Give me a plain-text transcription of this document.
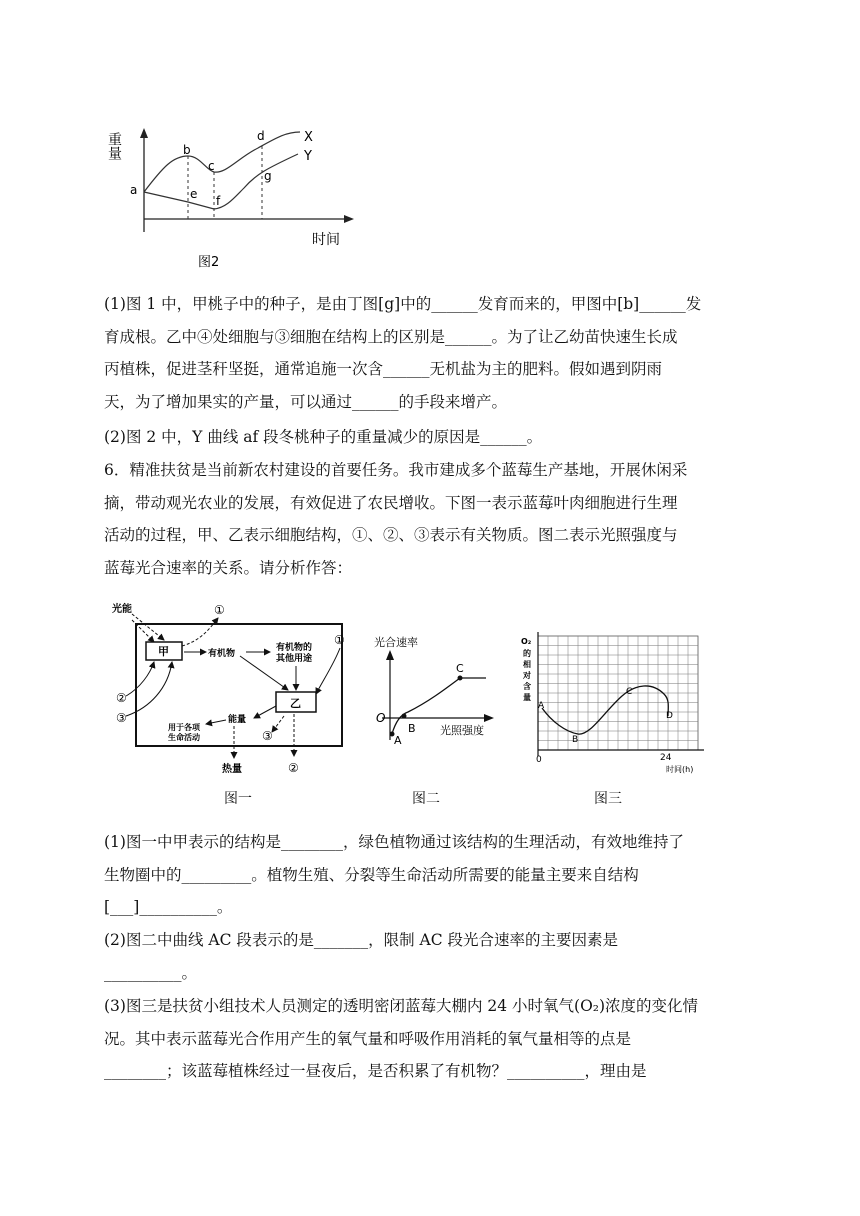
重量
时间
a
b
c
d
e f
g
X
Y
图2
(1)图 1 中，甲桃子中的种子，是由丁图[g]中的______发育而来的，甲图中[b]______发
育成根。乙中④处细胞与③细胞在结构上的区别是______。为了让乙幼苗快速生长成
丙植株，促进茎秆坚挺，通常追施一次含______无机盐为主的肥料。假如遇到阴雨
天，为了增加果实的产量，可以通过______的手段来增产。
(2)图 2 中，Y 曲线 af 段冬桃种子的重量减少的原因是______。
6．精准扶贫是当前新农村建设的首要任务。我市建成多个蓝莓生产基地，开展休闲采
摘，带动观光农业的发展，有效促进了农民增收。下图一表示蓝莓叶肉细胞进行生理
活动的过程，甲、乙表示细胞结构，①、②、③表示有关物质。图二表示光照强度与
蓝莓光合速率的关系。请分析作答：
光能
甲
①
有机物
有机物的
其他用途
①
乙
②
③	能量
用于各项
生命活动	③
热量	②
图一
光合速率
光照强度
O
A
B
C
图二
O₂
的
相
对
含
量
A
B
C
D
0	24
时间(h)
图三
(1)图一中甲表示的结构是________，绿色植物通过该结构的生理活动，有效地维持了
生物圈中的_________。植物生殖、分裂等生命活动所需要的能量主要来自结构
[___]__________。
(2)图二中曲线 AC 段表示的是_______，限制 AC 段光合速率的主要因素是
__________。
(3)图三是扶贫小组技术人员测定的透明密闭蓝莓大棚内 24 小时氧气(O₂)浓度的变化情
况。其中表示蓝莓光合作用产生的氧气量和呼吸作用消耗的氧气量相等的点是
________；该蓝莓植株经过一昼夜后，是否积累了有机物？__________，理由是
